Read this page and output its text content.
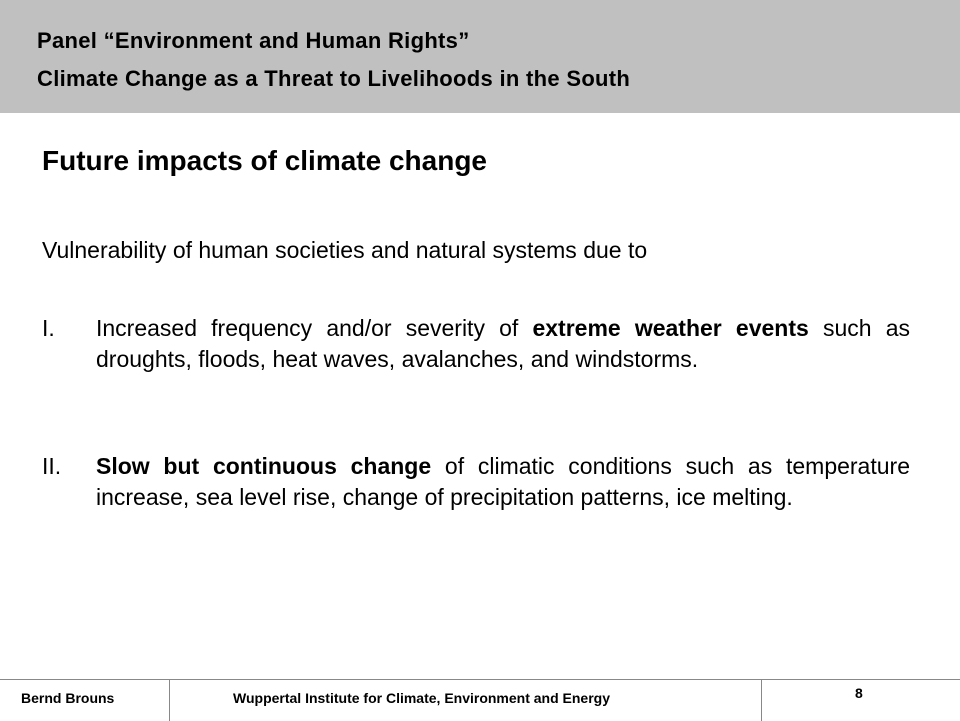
Panel “Environment and Human Rights”
Climate Change as a Threat to Livelihoods in the South
Future impacts of climate change
Vulnerability of human societies and natural systems due to
I. Increased frequency and/or severity of extreme weather events such as droughts, floods, heat waves, avalanches, and windstorms.
II. Slow but continuous change of climatic conditions such as temperature increase, sea level rise, change of precipitation patterns, ice melting.
Bernd Brouns	Wuppertal Institute for Climate, Environment and Energy	8
